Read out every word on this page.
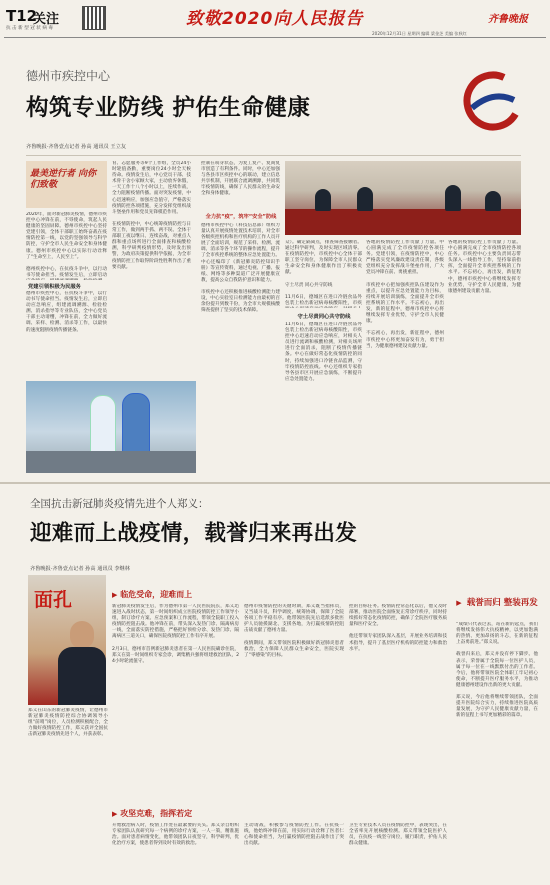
T12
关注
抗 击 新 型 冠 状 病 毒	致敬2020向人民报告	齐鲁晚报
2020年12月31日 星期四 编辑 梁金芝 美编 张秋红
德州市疾控中心
构筑专业防线 护佑生命健康
齐鲁晚报·齐鲁壹点记者 孙高 通讯员 王立友
最美逆行者 向你们致敬
2020年，面对新冠肺炎疫情，德州市疾控中心冲锋在前，不辱使命，筑起人民健康的坚固屏障。德州市疾控中心坚持党建引领，全体干部职工始终奋战在疫情防控第一线，以党的坚强领导与科学防控，守护全市人民生命安全和身体健康。德州市疾控中心以实际行动诠释了“生命至上，人民至上”。

德州疾控中心，在抗疫斗争中，以行动书写使命担当。疫情发生后，立即启动
党建引领积极为民服务
德州市疾控中心，在抗疫斗争中，以行动书写使命担当。疫情发生后，立即启动应急响应，组建流调溯源、检验检测、消杀指导等专业队伍，全中心党员干部主动请缨，冲锋在前，全力做好流调、采样、检测、消杀等工作，以最快的速度阻断疫情传播链条。
育、志愿服务等9个工作组，全员24小时轮值备勤，重要岗位24小时全天候待命。疫情发生后，中心党员干部、技术骨干舍小家顾大家，主动放弃休假，一天工作十八个小时以上，连续作战，全力阻断疫情传播。面对突发疫情，中心迅速响应，加强应急值守，严格落实疫情防控各项措施，充分发挥党组织战斗堡垒作用和党员先锋模范作用。

在疫情防控中，中心统筹疫情防控与日常工作，做到两手抓、两不误。全体干部职工夜以继日、连续奋战，对重点人群和重点场所进行全面排查和核酸检测，科学研判疫情形势，及时发出预警，为政府决策提供科学依据，为全市疫情防控工作取得阶段性胜利作出了重要贡献。
控制在萌芽状态，为复工复产、复商复市创造了有利条件。同时，中心还加强与各县市区疾控中心的联动，建立信息共享机制，开展联合流调溯源，共同筑牢疫情防线，确保了人民群众的生命安全和身体健康。
全力抗“疫”，筑牢“安全”防线
德州市疾控中心（科技信息部）组织力量认真开展疫情处置技术培训，对全市各级疾控机构和医疗机构的工作人员开展了全面培训，规范了采样、检测、流调、消杀等各个环节的操作流程，提升了全市疾控系统的整体应急处置能力。中心还编印了《新冠肺炎防控知识手册》等宣传资料，通过电视、广播、报纸、网络等多种渠道广泛开展健康宣教，提高公众自我防护意识和能力。

市疾控中心还积极推进核酸检测能力建设，中心实验室日检测能力由最初的百余份提升到数千份，为全市大规模核酸筛查提供了坚实的技术保障。
众）。确定隔离点，排查筛查接触者。通过科学研判，及时实现区域清零。在疫情防控中，市疾控中心全体干部职工坚守岗位，为保障全市人民群众生命安全和身体健康作出了积极贡献。

守土尽责 同心共守防线

11月6日，德城区在进口冷链食品外包装上检出新冠病毒核酸阳性，市疾
守土尽责同心共守防线
11月6日，德城区在进口冷链食品外包装上检出新冠病毒核酸阳性，市疾控中心迅速启动应急响应，对相关人员进行流调和核酸检测，对相关场所进行全面消杀，阻断了疫情传播链条。中心在做好常态化疫情防控的同时，持续加强进口冷链食品监测，守牢疫情防控底线。中心还组织专家指导各县市区开展应急演练，不断提升应急处置能力。
各地的疫情防控工作贡献了力量。中心圆满完成了全市疫情防控各项任务。党建引领，在疫情防控中，中心严格落实党风廉政建设责任制，各级党组织充分发挥战斗堡垒作用，广大党员冲锋在前、勇挑重担。

市疾控中心把加强疾控队伍建设作为重点，以提升应急处置能力为目标，持续开展培训演练，全面提升全市疾控系统的工作水平。不忘初心，再出发，新的征程中，德州市疾控中心将继续发挥专业优势，守护全市人民健康。

不忘初心，再出发，新征程中，德州市疾控中心将更加奋发有为，勇于担当，为健康德州建设贡献力量。
各地的疫情防控工作贡献了力量。中心圆满完成了全市疫情防控各项任务。市疾控中心主要负责同志带头深入一线指导工作，坚持靠前指挥，全面提升全市疾控系统的工作水平。不忘初心，再出发，新征程中，德州市疾控中心将继续发挥专业优势，守护全市人民健康，为健康德州建设贡献力量。
全国抗击新冠肺炎疫情先进个人郑义：
迎难而上战疫情，载誉归来再出发
齐鲁晚报·齐鲁壹点记者 孙高 通讯员 李继林
面孔
郑义在山东的新冠肺炎疫情，让德州市新冠肺炎疫情防控综合协调领导小组“前哨”岗位，人员检测积极配合，全力做好疫情防控工作，郑义获评全国抗击新冠肺炎疫情先进个人，并获表彰。
▶ 临危受命，迎难而上
新冠肺炎疫情发生后，作为德州市第一人民医院院长，郑义迅速进入战时状态，第一时间组织成立医院疫情防控工作领导小组，制订诊疗方案、应急预案和工作流程，带领全院职工投入疫情防控阻击战。他冲锋在前，带头深入发热门诊、隔离病房一线，全面落实防控措施，严格把好预检分诊、发热门诊、隔离病区三道关口，确保医院疫情防控工作有序开展。

2月3日，德州市首例新冠肺炎患者在第一人民医院确诊住院，郑义在第一时间组织专家会诊，调集精兵强将组建救治团队，24小时轮流值守。
德州市疫情防控的关键时期，郑义既当指挥员，又当战斗员，科学调度、统筹协调，保障了全院各项工作平稳有序。他带领医院先后选派多批医护人员驰援湖北、支援各地，为打赢疫情防控阻击战贡献了德州力量。

疫情期间，郑义带领医院积极做好新冠肺炎患者救治，全力保障人民群众生命安全，医院实现了“零感染”的目标。
控的目标任务。疫情防控常态化以后，他又及时部署，推动医院全面恢复正常诊疗秩序，同时持续抓好常态化疫情防控，确保了全院医疗服务质量和医疗安全。

他还带领专家团队深入基层，开展业务培训和技术指导，提升了基层医疗机构的防控能力和救治水平。
▶ 攻坚克难，指挥若定
开始救治病人时，疫情工作处在最紧要的关头。郑义亲自组织专家团队认真研究每一个病例的诊疗方案，一人一策，精准施治。面对患者病情变化，他带领团队日夜坚守，科学研判，优化治疗方案，使患者得到及时有效的救治。
主动请战，积极参与疫情防控工作。在抗疫一线，他始终冲锋在前，用实际行动诠释了医者仁心和使命担当，为打赢疫情防控阻击战作出了突出贡献。
卫生专业技术人员在疫情防控中，表现突出，在全省率先开展核酸检测。郑义带领全院医护人员，在抗疫一线坚守岗位，履行职责，护佑人民群众健康。
▶ 载誉而归 整装再发
“成绩只代表过去，站在新的起点，我们将继续发扬伟大抗疫精神，以更加饱满的热情、更加昂扬的斗志，在新的征程上奋勇前进。”郑义说。

载誉归来后，郑义并没有停下脚步。他表示，荣誉属于全院每一位医护人员，属于每一位在一线默默付出的工作者。今后，他将带领医院全体职工牢记初心使命，不断提升医疗服务水平，为推动健康德州建设作出新的更大贡献。

郑义说，今后他将继续带领团队，全面提升医院综合实力，持续推进医院高质量发展，为守护人民健康贡献力量，在新的征程上书写更加精彩的篇章。
